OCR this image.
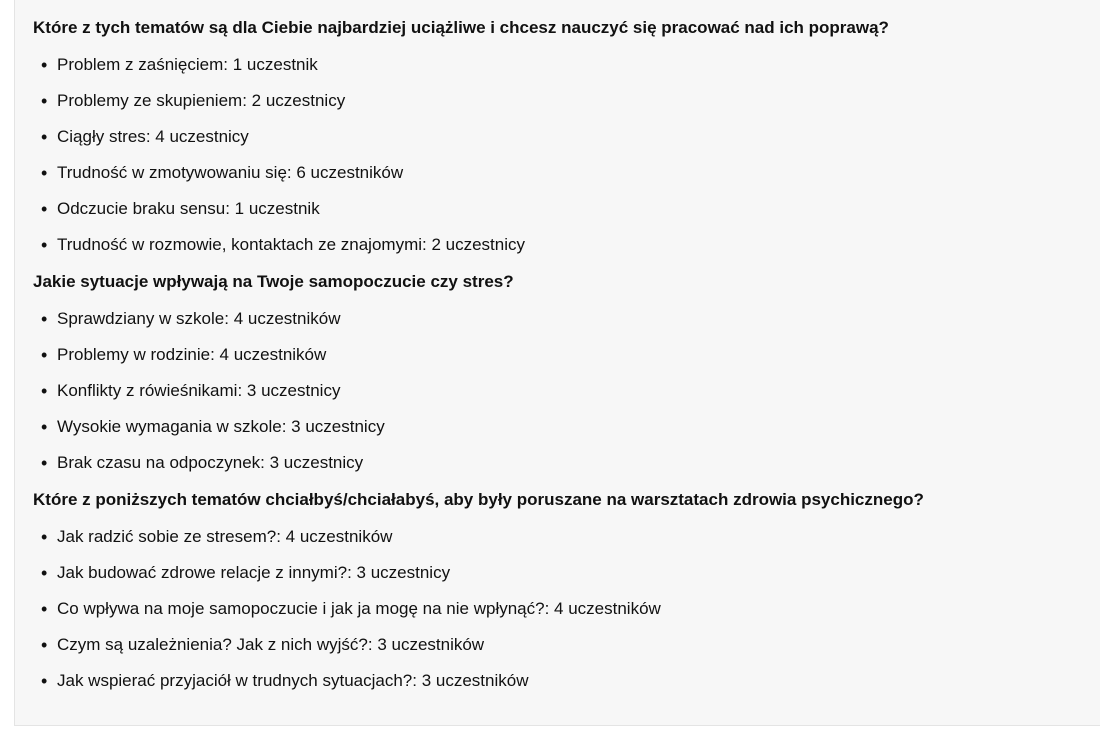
Które z tych tematów są dla Ciebie najbardziej uciążliwe i chcesz nauczyć się pracować nad ich poprawą?
• Problem z zaśnięciem : 1 uczestnik
• Problemy ze skupieniem : 2 uczestnicy
• Ciągły stres : 4 uczestnicy
• Trudność w zmotywowaniu się : 6 uczestników
• Odczucie braku sensu : 1 uczestnik
• Trudność w rozmowie, kontaktach ze znajomymi : 2 uczestnicy
Jakie sytuacje wpływają na Twoje samopoczucie czy stres?
• Sprawdziany w szkole : 4 uczestników
• Problemy w rodzinie : 4 uczestników
• Konflikty z rówieśnikami : 3 uczestnicy
• Wysokie wymagania w szkole : 3 uczestnicy
• Brak czasu na odpoczynek : 3 uczestnicy
Które z poniższych tematów chciałbyś/chciałabyś, aby były poruszane na warsztatach zdrowia psychicznego?
• Jak radzić sobie ze stresem? : 4 uczestników
• Jak budować zdrowe relacje z innymi? : 3 uczestnicy
• Co wpływa na moje samopoczucie i jak ja mogę na nie wpłynąć? : 4 uczestników
• Czym są uzależnienia? Jak z nich wyjść? : 3 uczestników
• Jak wspierać przyjaciół w trudnych sytuacjach? : 3 uczestników
